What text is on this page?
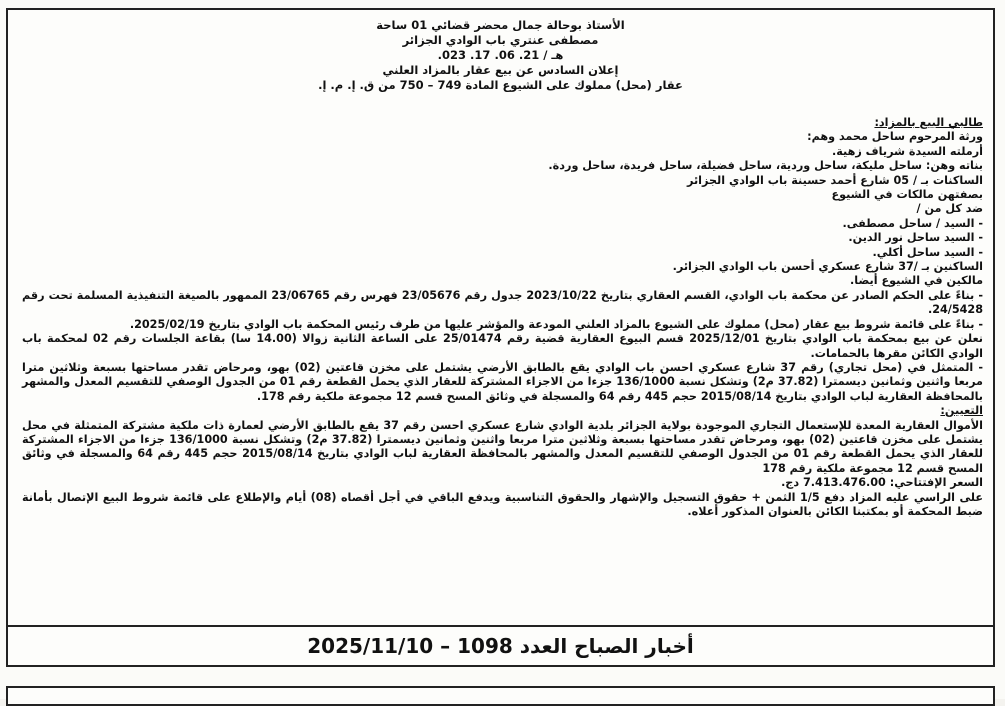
الأستاذ بوحالة جمال محضر قضائي 01 ساحة
مصطفى عنتري باب الوادي الجزائر
هـ / 21. 06. 17. 023.
إعلان السادس عن بيع عقار بالمزاد العلني
عقار (محل) مملوك على الشيوع المادة 749 – 750 من ق. إ. م. إ.

طالبي البيع بالمزاد:

ورثة المرحوم ساحل محمد وهم:

أرملته السيدة شرياف زهية.

بناته وهن: ساحل مليكة، ساحل وردية، ساحل فضيلة، ساحل فريدة، ساحل وردة.

الساكنات بـ / 05 شارع أحمد حسينة باب الوادي الجزائر

بصفتهن مالكات في الشيوع

ضد كل من /

- السيد / ساحل مصطفى.

- السيد ساحل نور الدين.

- السيد ساحل أكلي.

الساكنين بـ /37 شارع عسكري أحسن باب الوادي الجزائر.

مالكين في الشيوع أيضا.

- بناءً على الحكم الصادر عن محكمة باب الوادي، القسم العقاري بتاريخ 2023/10/22 جدول رقم 23/05676 فهرس رقم 23/06765 الممهور بالصيغة التنفيذية المسلمة تحت رقم 24/5428.

- بناءً على قائمة شروط بيع عقار (محل) مملوك على الشيوع بالمزاد العلني المودعة والمؤشر عليها من طرف رئيس المحكمة باب الوادي بتاريخ 2025/02/19.

نعلن عن بيع بمحكمة باب الوادي بتاريخ 2025/12/01 قسم البيوع العقارية قضية رقم 25/01474 على الساعة الثانية زوالا (14.00 سا) بقاعة الجلسات رقم 02 لمحكمة باب الوادي الكائن مقرها بالحمامات.

- المتمثل في (محل تجاري) رقم 37 شارع عسكري احسن باب الوادي يقع بالطابق الأرضي يشتمل على مخزن قاعتين (02) بهو، ومرحاض تقدر مساحتها بسبعة وثلاثين مترا مربعا واثنين وثمانين ديسمترا (37.82 م2) وتشكل نسبة 136/1000 جزءا من الاجزاء المشتركة للعقار الذي يحمل القطعة رقم 01 من الجدول الوصفي للتقسيم المعدل والمشهر بالمحافظة العقارية لباب الوادي بتاريخ 2015/08/14 حجم 445 رقم 64 والمسجلة في وثائق المسح قسم 12 مجموعة ملكية رقم 178.

التعيين:

الأموال العقارية المعدة للإستعمال التجاري الموجودة بولاية الجزائر بلدية الوادي شارع عسكري احسن رقم 37 يقع بالطابق الأرضي لعمارة ذات ملكية مشتركة المتمثلة في محل يشتمل على مخزن قاعتين (02) بهو، ومرحاض تقدر مساحتها بسبعة وثلاثين مترا مربعا واثنين وثمانين ديسمترا (37.82 م2) وتشكل نسبة 136/1000 جزءا من الاجزاء المشتركة للعقار الذي يحمل القطعة رقم 01 من الجدول الوصفي للتقسيم المعدل والمشهر بالمحافظة العقارية لباب الوادي بتاريخ 2015/08/14 حجم 445 رقم 64 والمسجلة في وثائق المسح قسم 12 مجموعة ملكية رقم 178

السعر الإفتتاحي: 7.413.476.00 دج.

على الراسي عليه المزاد دفع 1/5 الثمن + حقوق التسجيل والإشهار والحقوق التناسبية ويدفع الباقي في أجل أقصاه (08) أيام والإطلاع على قائمة شروط البيع الإتصال بأمانة ضبط المحكمة أو بمكتبنا الكائن بالعنوان المذكور أعلاه.

أخبار الصباح العدد 1098 – 2025/11/10
